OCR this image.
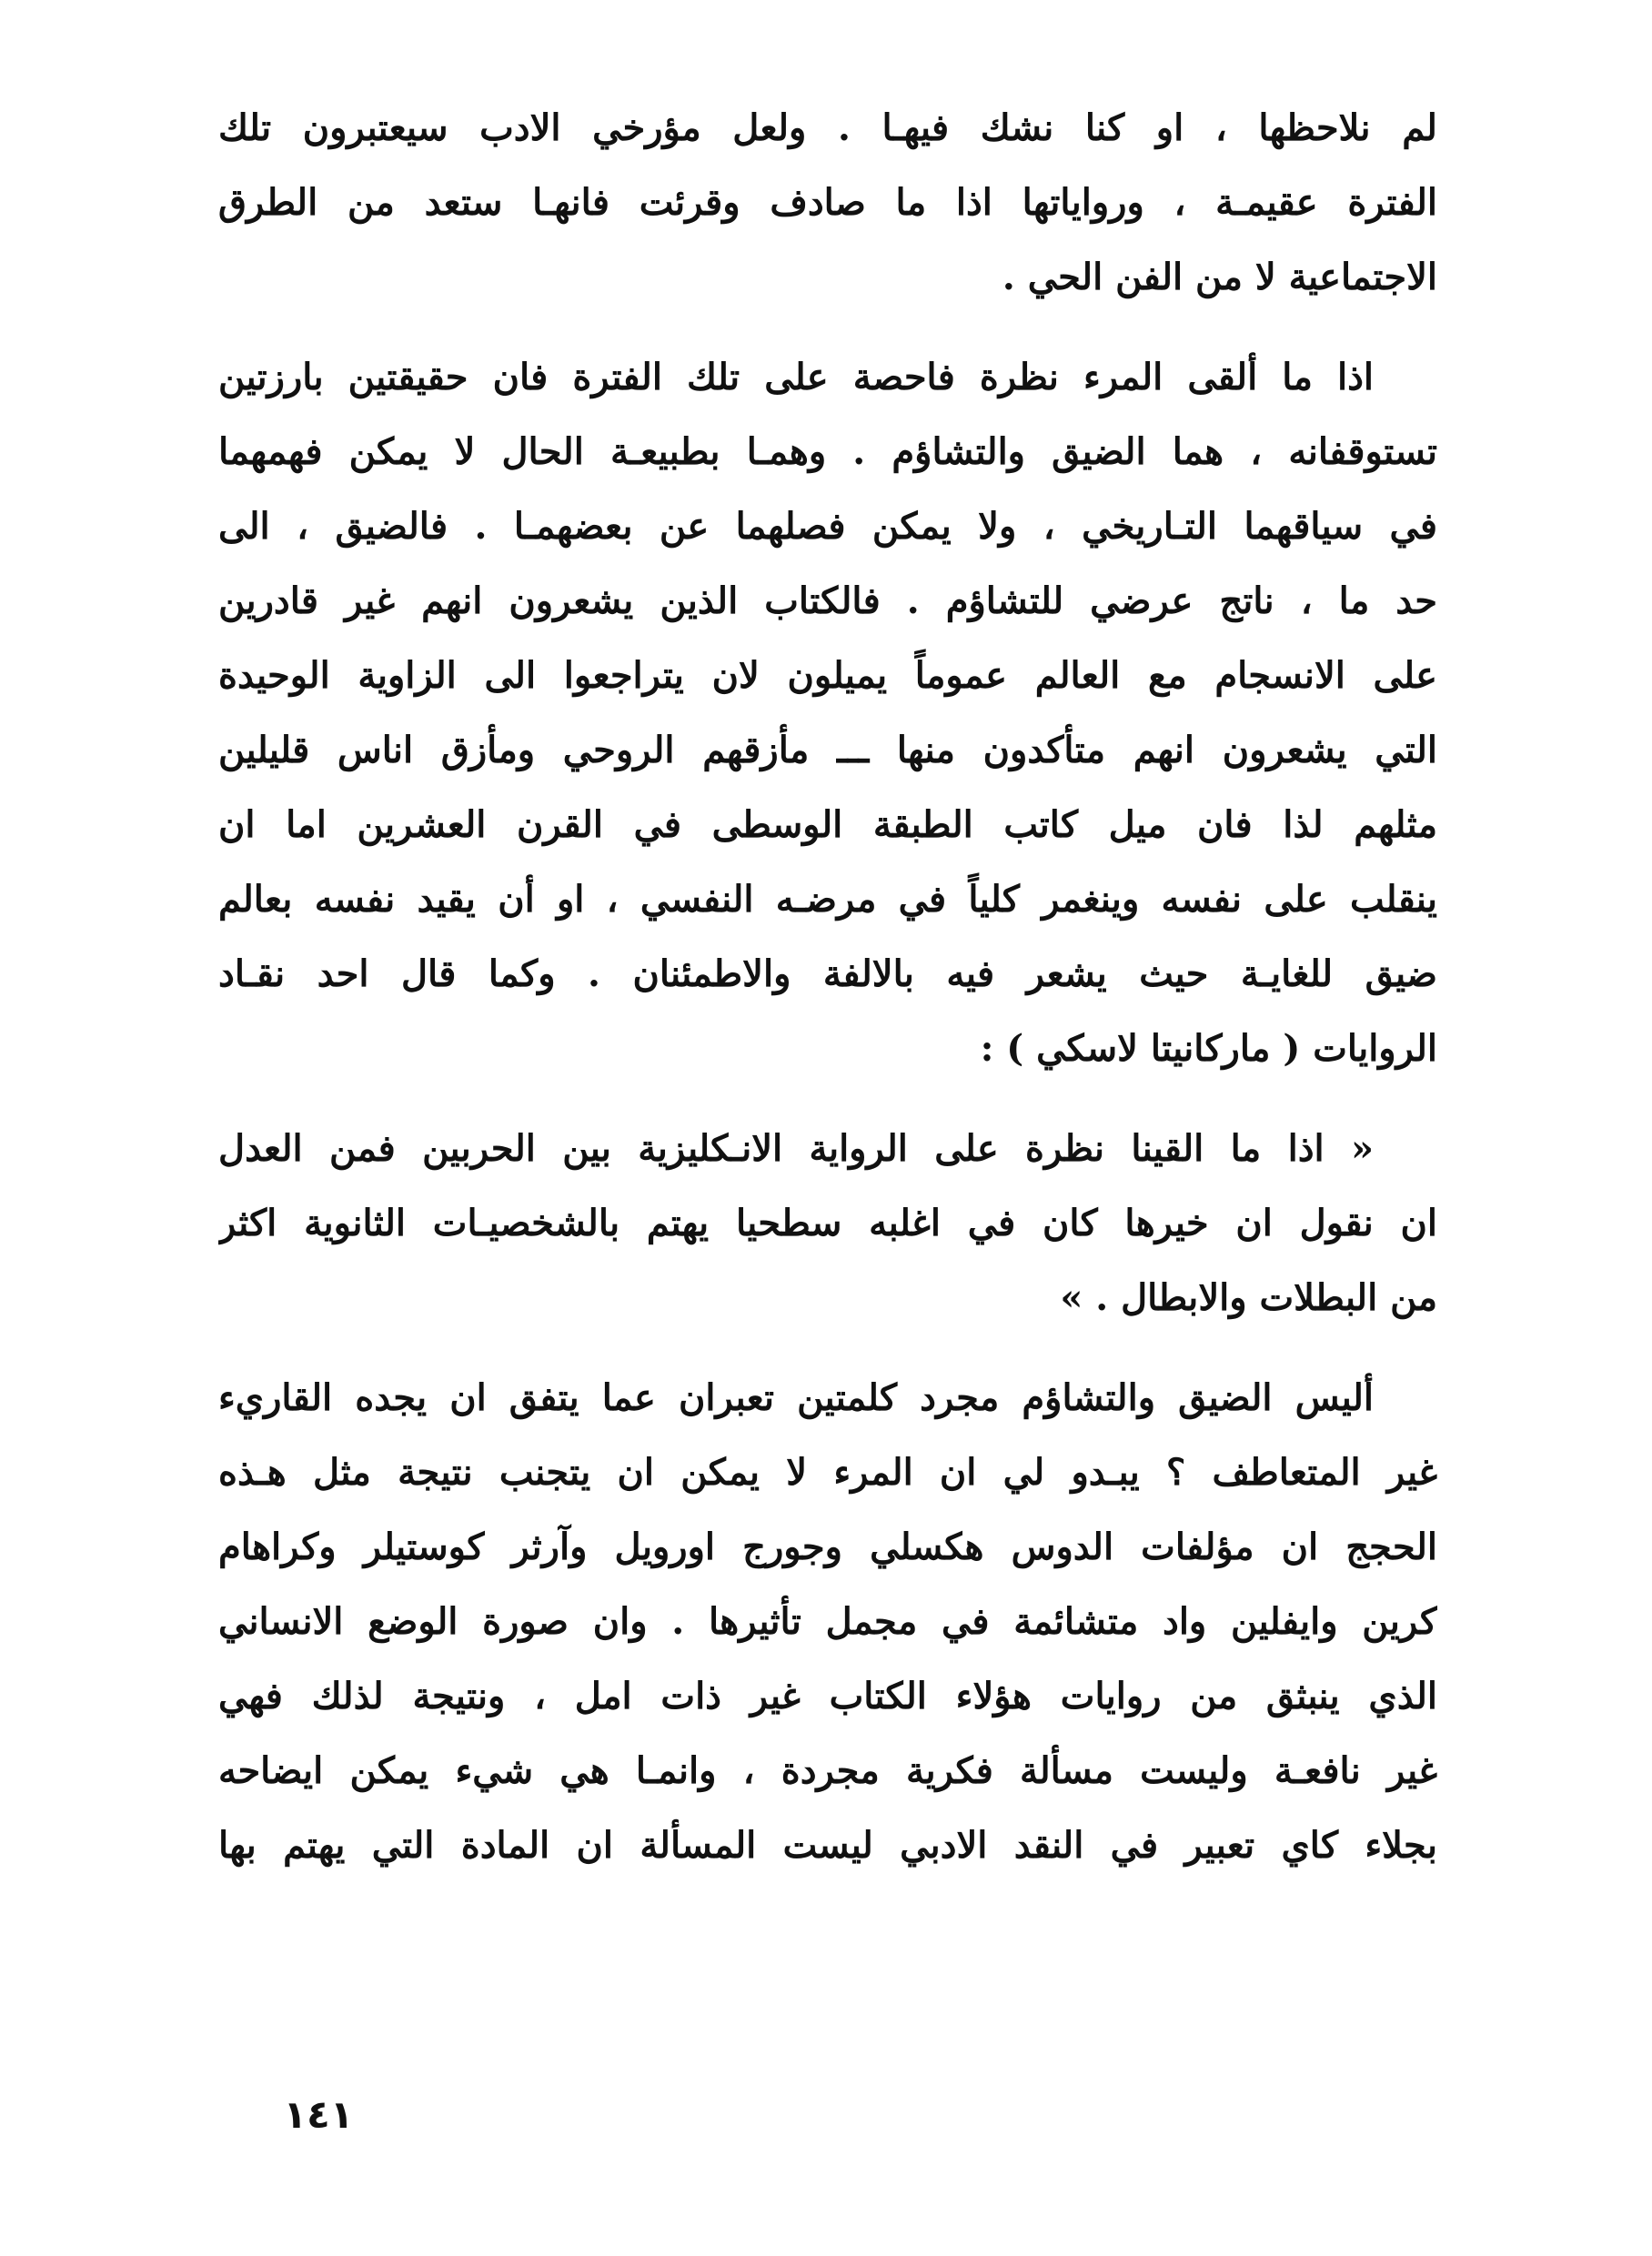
لم نلاحظها ، او كنا نشك فيهـا . ولعل مؤرخي الادب سيعتبرون تلك
الفترة عقيمـة ، ورواياتها اذا ما صادف وقرئت فانهـا ستعد من الطرق
الاجتماعية لا من الفن الحي .
اذا ما ألقى المرء نظرة فاحصة على تلك الفترة فان حقيقتين بارزتين
تستوقفانه ، هما الضيق والتشاؤم . وهمـا بطبيعـة الحال لا يمكن فهمهما
في سياقهما التـاريخي ، ولا يمكن فصلهما عن بعضهمـا . فالضيق ، الى
حد ما ، ناتج عرضي للتشاؤم . فالكتاب الذين يشعرون انهم غير قادرين
على الانسجام مع العالم عموماً يميلون لان يتراجعوا الى الزاوية الوحيدة
التي يشعرون انهم متأكدون منها ـــ مأزقهم الروحي ومأزق اناس قليلين
مثلهم لذا فان ميل كاتب الطبقة الوسطى في القرن العشرين اما ان
ينقلب على نفسه وينغمر كلياً في مرضـه النفسي ، او أن يقيد نفسه بعالم
ضيق للغايـة حيث يشعر فيه بالالفة والاطمئنان . وكما قال احد نقـاد
الروايات ( ماركانيتا لاسكي ) :
« اذا ما القينا نظرة على الرواية الانـكليزية بين الحربين فمن العدل
ان نقول ان خيرها كان في اغلبه سطحيا يهتم بالشخصيـات الثانوية اكثر
من البطلات والابطال . »
أليس الضيق والتشاؤم مجرد كلمتين تعبران عما يتفق ان يجده القاريء
غير المتعاطف ؟ يبـدو لي ان المرء لا يمكن ان يتجنب نتيجة مثل هـذه
الحجج ان مؤلفات الدوس هكسلي وجورج اورويل وآرثر كوستيلر وكراهام
كرين وايفلين واد متشائمة في مجمل تأثيرها . وان صورة الوضع الانساني
الذي ينبثق من روايات هؤلاء الكتاب غير ذات امل ، ونتيجة لذلك فهي
غير نافعـة وليست مسألة فكرية مجردة ، وانمـا هي شيء يمكن ايضاحه
بجلاء كاي تعبير في النقد الادبي ليست المسألة ان المادة التي يهتم بها
١٤١
